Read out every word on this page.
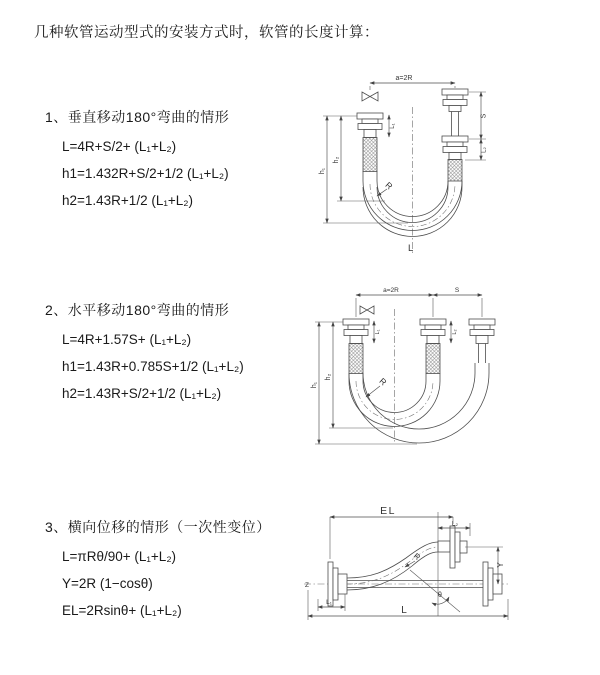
几种软管运动型式的安装方式时，软管的长度计算：

1、垂直移动180°弯曲的情形

L=4R+S/2+ (L₁+L₂)

h1=1.432R+S/2+1/2 (L₁+L₂)

h2=1.43R+1/2 (L₁+L₂)

2、水平移动180°弯曲的情形

L=4R+1.57S+ (L₁+L₂)

h1=1.43R+0.785S+1/2 (L₁+L₂)

h2=1.43R+S/2+1/2 (L₁+L₂)

3、横向位移的情形（一次性变位）

L=πRθ/90+ (L₁+L₂)

Y=2R (1−cosθ)

EL=2Rsinθ+ (L₁+L₂)

a=2R
L₁
S
L₂
R
h₁
h₂
L
a=2R	S
L₁	L₂
R
h₁
h₂
Z
EL
L₂
Y
R
θ
L₁
L
